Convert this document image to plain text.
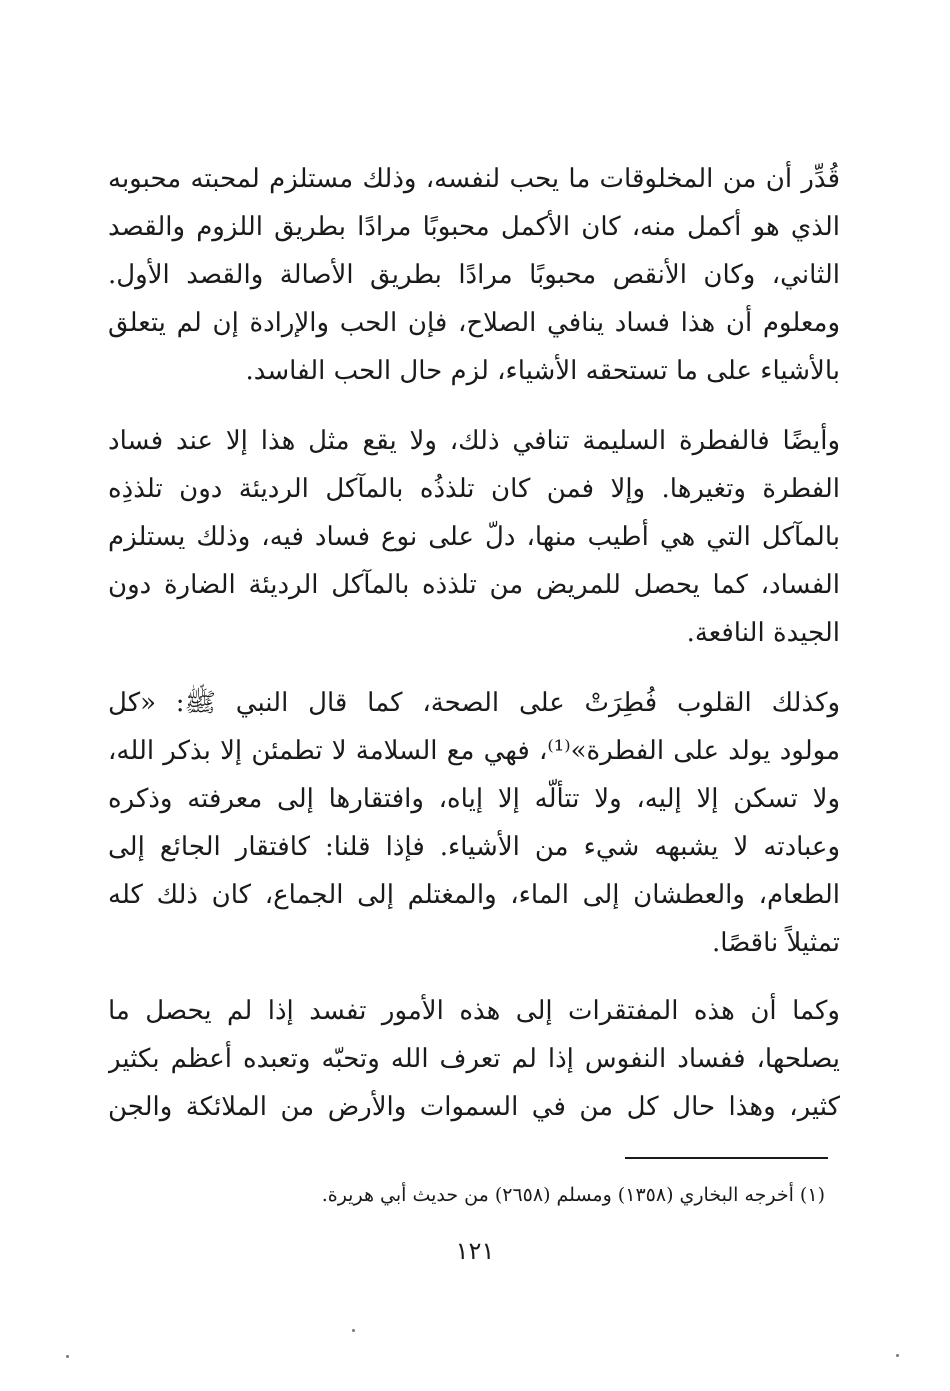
قُدِّر أن من المخلوقات ما يحب لنفسه، وذلك مستلزم لمحبته محبوبه
الذي هو أكمل منه، كان الأكمل محبوبًا مرادًا بطريق اللزوم والقصد
الثاني، وكان الأنقص محبوبًا مرادًا بطريق الأصالة والقصد الأول.
ومعلوم أن هذا فساد ينافي الصلاح، فإن الحب والإرادة إن لم يتعلق
بالأشياء على ما تستحقه الأشياء، لزم حال الحب الفاسد.
وأيضًا فالفطرة السليمة تنافي ذلك، ولا يقع مثل هذا إلا عند فساد
الفطرة وتغيرها. وإلا فمن كان تلذذُه بالمآكل الرديئة دون تلذذِه
بالمآكل التي هي أطيب منها، دلّ على نوع فساد فيه، وذلك يستلزم
الفساد، كما يحصل للمريض من تلذذه بالمآكل الرديئة الضارة دون
الجيدة النافعة.
وكذلك القلوب فُطِرَتْ على الصحة، كما قال النبي ﷺ: «كل
مولود يولد على الفطرة»⁽¹⁾، فهي مع السلامة لا تطمئن إلا بذكر الله،
ولا تسكن إلا إليه، ولا تتألّه إلا إياه، وافتقارها إلى معرفته وذكره
وعبادته لا يشبهه شيء من الأشياء. فإذا قلنا: كافتقار الجائع إلى
الطعام، والعطشان إلى الماء، والمغتلم إلى الجماع، كان ذلك كله
تمثيلاً ناقصًا.
وكما أن هذه المفتقرات إلى هذه الأمور تفسد إذا لم يحصل ما
يصلحها، ففساد النفوس إذا لم تعرف الله وتحبّه وتعبده أعظم بكثير
كثير، وهذا حال كل من في السموات والأرض من الملائكة والجن
(١) أخرجه البخاري (١٣٥٨) ومسلم (٢٦٥٨) من حديث أبي هريرة.
١٢١
